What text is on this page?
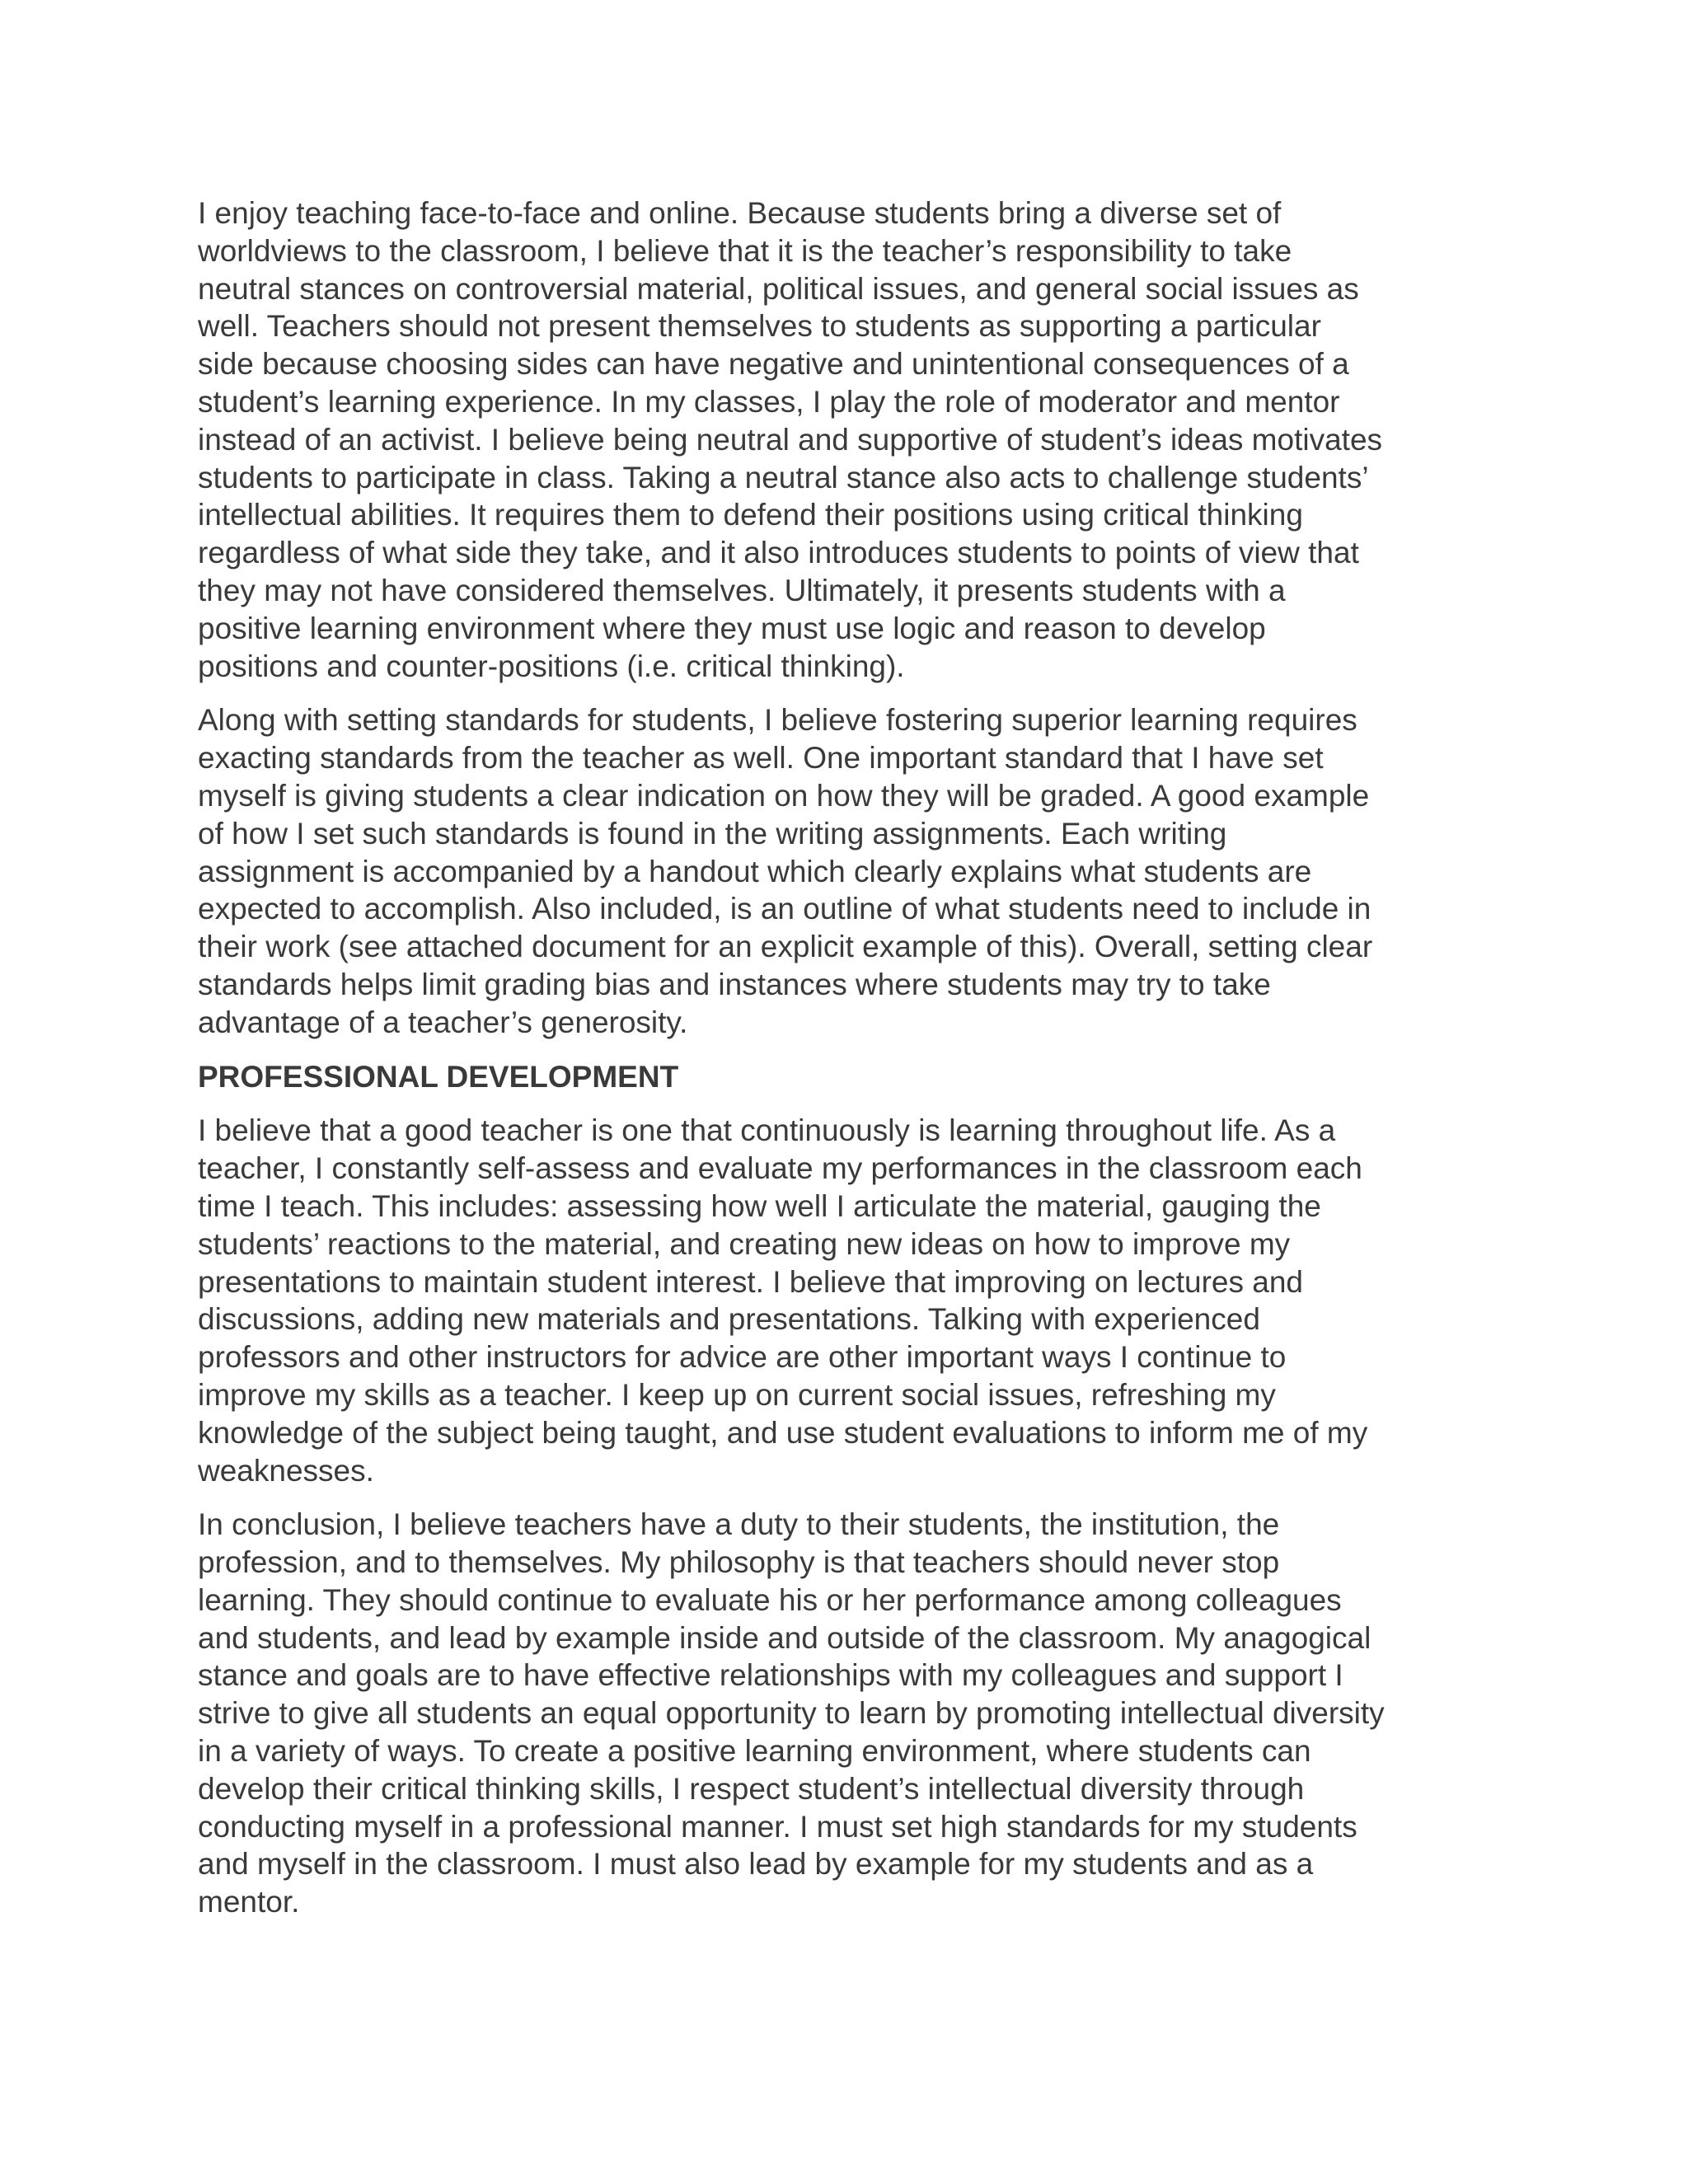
I enjoy teaching face-to-face and online. Because students bring a diverse set of
worldviews to the classroom, I believe that it is the teacher’s responsibility to take
neutral stances on controversial material, political issues, and general social issues as
well. Teachers should not present themselves to students as supporting a particular
side because choosing sides can have negative and unintentional consequences of a
student’s learning experience. In my classes, I play the role of moderator and mentor
instead of an activist. I believe being neutral and supportive of student’s ideas motivates
students to participate in class. Taking a neutral stance also acts to challenge students’
intellectual abilities. It requires them to defend their positions using critical thinking
regardless of what side they take, and it also introduces students to points of view that
they may not have considered themselves. Ultimately, it presents students with a
positive learning environment where they must use logic and reason to develop
positions and counter-positions (i.e. critical thinking).

Along with setting standards for students, I believe fostering superior learning requires
exacting standards from the teacher as well. One important standard that I have set
myself is giving students a clear indication on how they will be graded. A good example
of how I set such standards is found in the writing assignments. Each writing
assignment is accompanied by a handout which clearly explains what students are
expected to accomplish. Also included, is an outline of what students need to include in
their work (see attached document for an explicit example of this). Overall, setting clear
standards helps limit grading bias and instances where students may try to take
advantage of a teacher’s generosity.

PROFESSIONAL DEVELOPMENT

I believe that a good teacher is one that continuously is learning throughout life. As a
teacher, I constantly self-assess and evaluate my performances in the classroom each
time I teach. This includes: assessing how well I articulate the material, gauging the
students’ reactions to the material, and creating new ideas on how to improve my
presentations to maintain student interest. I believe that improving on lectures and
discussions, adding new materials and presentations. Talking with experienced
professors and other instructors for advice are other important ways I continue to
improve my skills as a teacher. I keep up on current social issues, refreshing my
knowledge of the subject being taught, and use student evaluations to inform me of my
weaknesses.

In conclusion, I believe teachers have a duty to their students, the institution, the
profession, and to themselves. My philosophy is that teachers should never stop
learning. They should continue to evaluate his or her performance among colleagues
and students, and lead by example inside and outside of the classroom. My anagogical
stance and goals are to have effective relationships with my colleagues and support I
strive to give all students an equal opportunity to learn by promoting intellectual diversity
in a variety of ways. To create a positive learning environment, where students can
develop their critical thinking skills, I respect student’s intellectual diversity through
conducting myself in a professional manner. I must set high standards for my students
and myself in the classroom. I must also lead by example for my students and as a
mentor.
